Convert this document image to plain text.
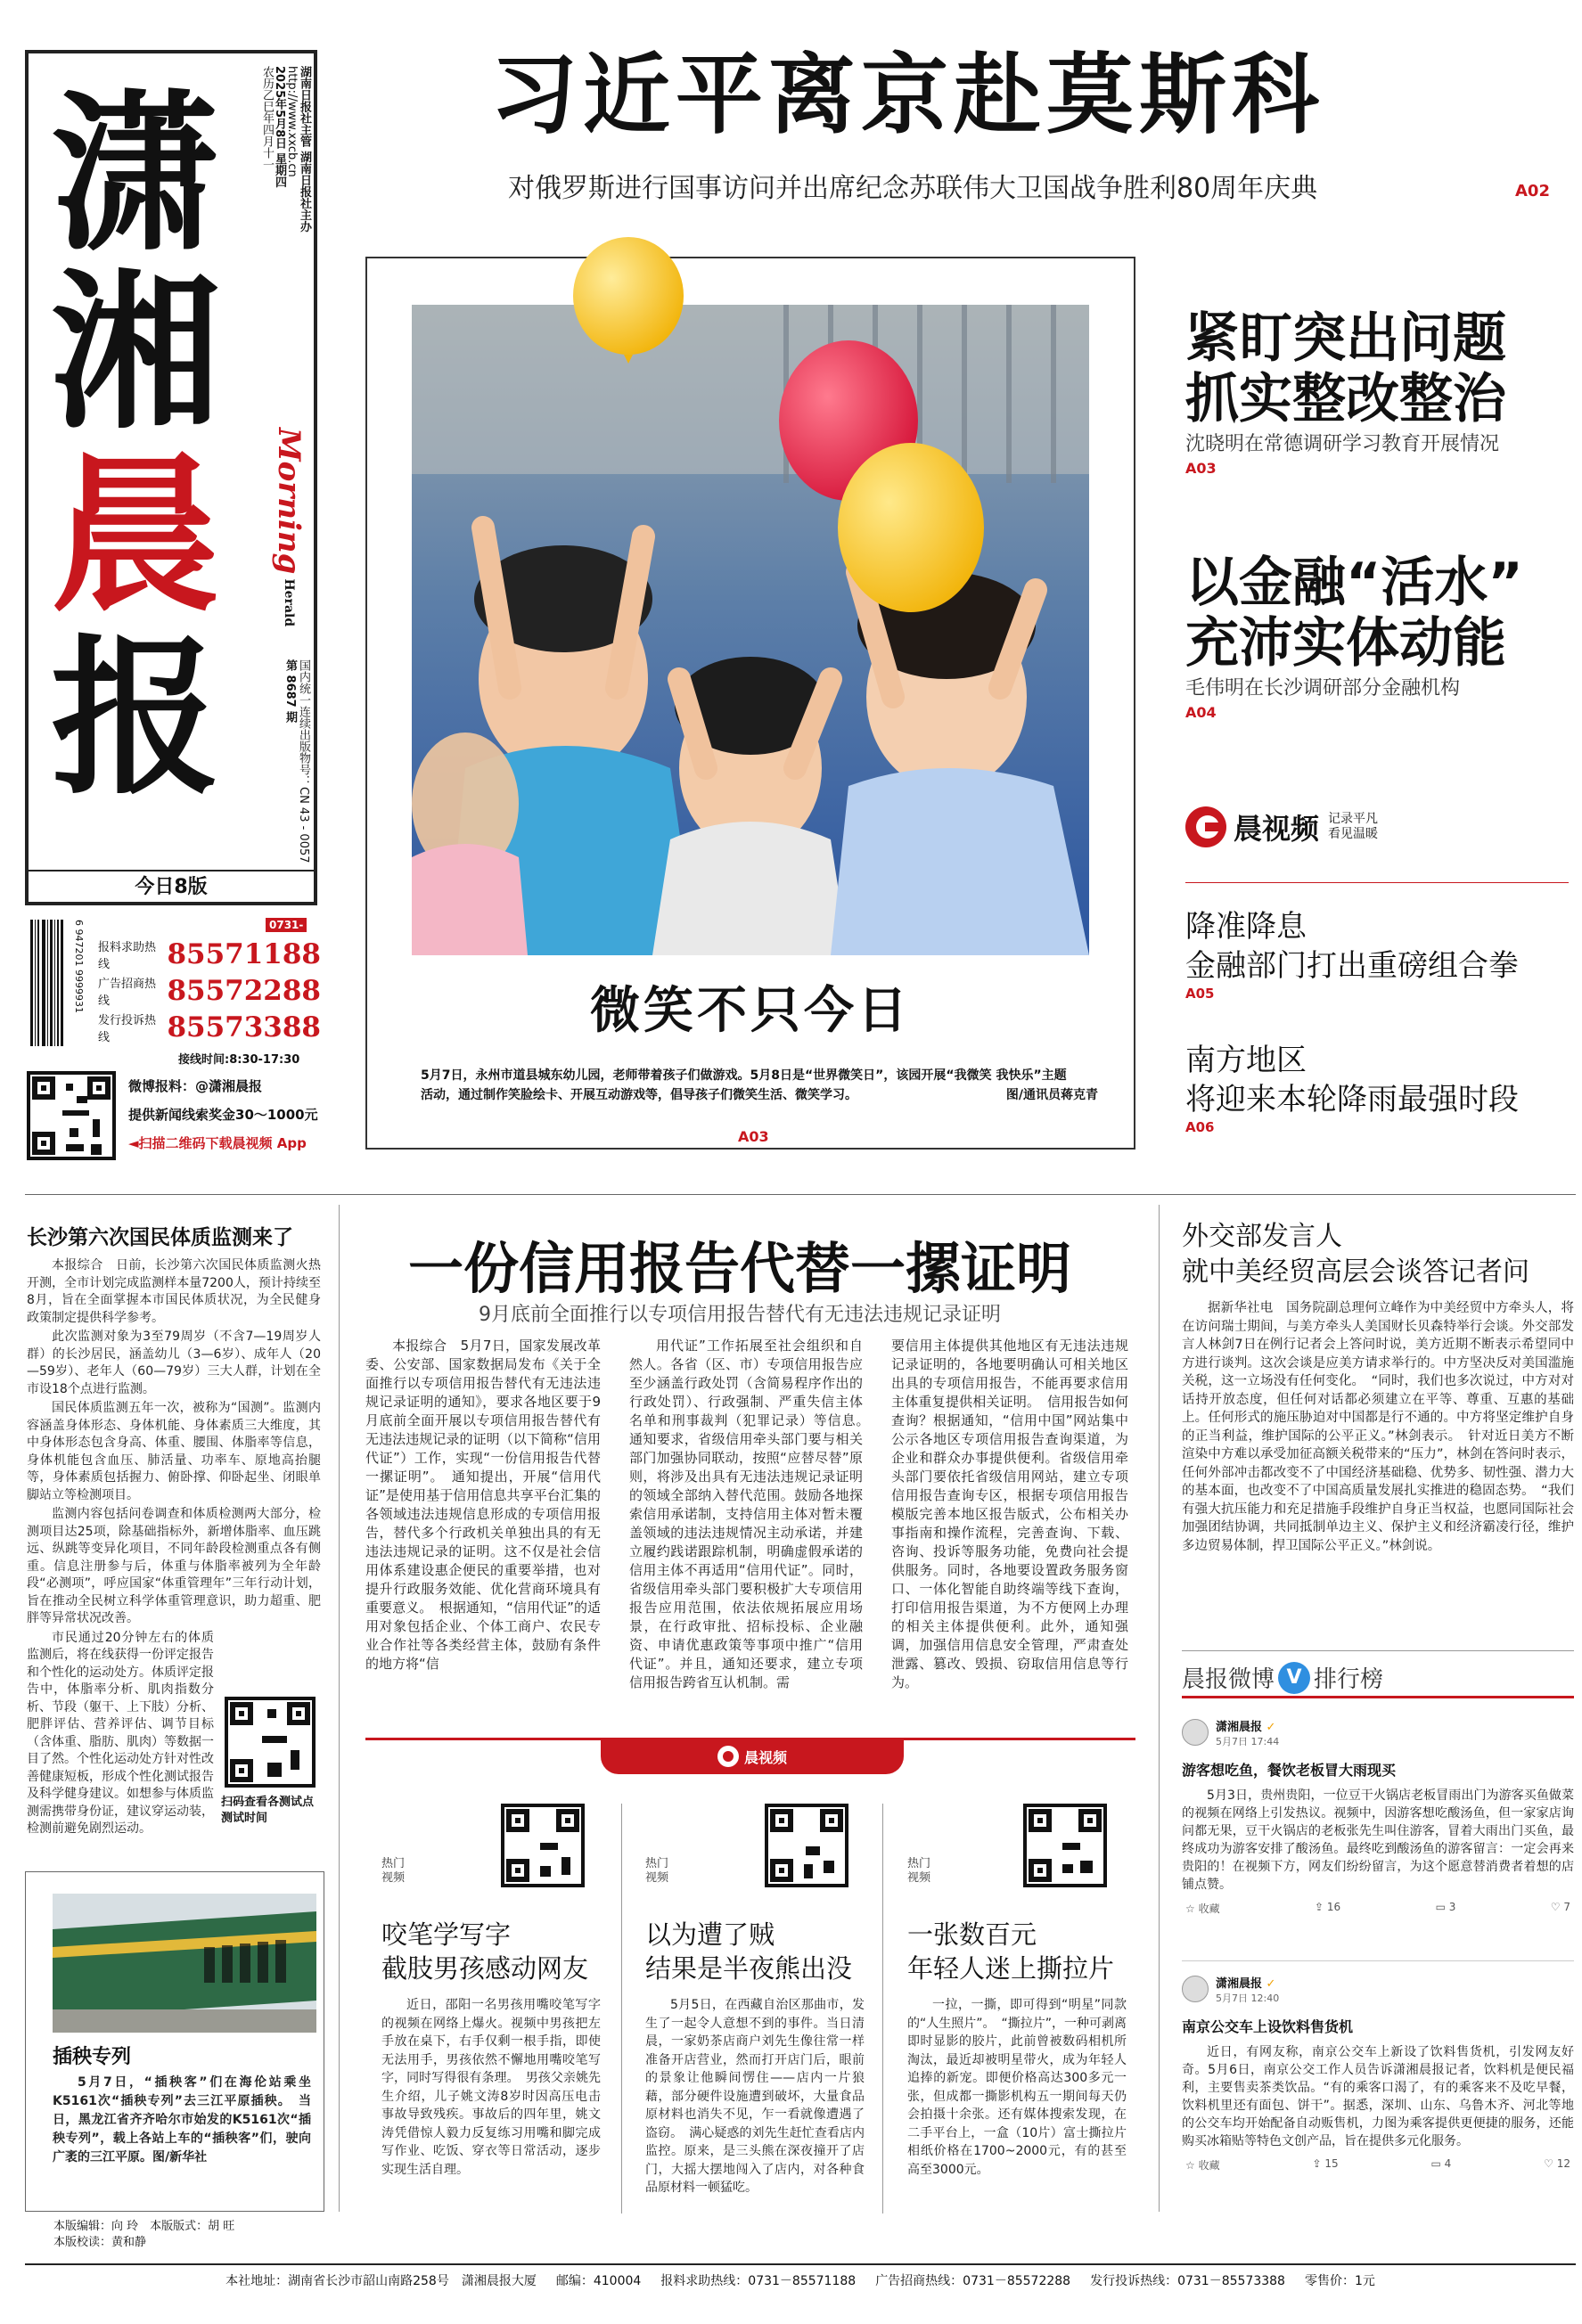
潇
湘
晨
报
湖南日报社主管 湖南日报社主办
http://www.xxcb.cn
2025年5月8日 星期四
农历乙巳年四月十一
Morning Herald
国内统一连续出版物号：CN 43 - 0057
第 8687 期
今日8版
6 947201 9999931	0731-
报料求助热线	85571188
广告招商热线	85572288
发行投诉热线	85573388
接线时间:8:30-17:30
微博报料：@潇湘晨报
提供新闻线索奖金30～1000元
◄扫描二维码下载晨视频 App
习近平离京赴莫斯科
对俄罗斯进行国事访问并出席纪念苏联伟大卫国战争胜利80周年庆典	A02
微笑不只今日
5月7日，永州市道县城东幼儿园，老师带着孩子们做游戏。5月8日是“世界微笑日”，该园开展“我微笑 我快乐”主题
活动，通过制作笑脸绘卡、开展互动游戏等，倡导孩子们微笑生活、微笑学习。	图/通讯员蒋克青
A03
紧盯突出问题
抓实整改整治
沈晓明在常德调研学习教育开展情况
A03
以金融“活水”
充沛实体动能
毛伟明在长沙调研部分金融机构
A04
晨视频 记录平凡
看见温暖
降准降息
金融部门打出重磅组合拳
A05
南方地区
将迎来本轮降雨最强时段
A06
长沙第六次国民体质监测来了

本报综合　日前，长沙第六次国民体质监测火热开测，全市计划完成监测样本量7200人，预计持续至8月，旨在全面掌握本市国民体质状况，为全民健身政策制定提供科学参考。

此次监测对象为3至79周岁（不含7—19周岁人群）的长沙居民，涵盖幼儿（3—6岁）、成年人（20—59岁）、老年人（60—79岁）三大人群，计划在全市设18个点进行监测。

国民体质监测五年一次，被称为“国测”。监测内容涵盖身体形态、身体机能、身体素质三大维度，其中身体形态包含身高、体重、腰围、体脂率等信息，身体机能包含血压、肺活量、功率车、原地高抬腿等，身体素质包括握力、俯卧撑、仰卧起坐、闭眼单脚站立等检测项目。

监测内容包括问卷调查和体质检测两大部分，检测项目达25项，除基础指标外，新增体脂率、血压跳远、纵跳等变异化项目，不同年龄段检测重点各有侧重。信息注册参与后，体重与体脂率被列为全年龄段“必测项”，呼应国家“体重管理年”三年行动计划，旨在推动全民树立科学体重管理意识，助力超重、肥胖等异常状况改善。

市民通过20分钟左右的体质监测后，将在线获得一份评定报告和个性化的运动处方。体质评定报告中，体脂率分析、肌肉指数分析、节段（躯干、上下肢）分析、肥胖评估、营养评估、调节目标（含体重、脂肪、肌肉）等数据一目了然。个性化运动处方针对性改善健康短板，形成个性化测试报告及科学健身建议。如想参与体质监测需携带身份证，建议穿运动装，检测前避免剧烈运动。

扫码查看各测试点测试时间
插秧专列
5月7日，“插秧客”们在海伦站乘坐K5161次“插秧专列”去三江平原插秧。　当日，黑龙江省齐齐哈尔市始发的K5161次“插秧专列”，载上各站上车的“插秧客”们，驶向广袤的三江平原。图/新华社
本版编辑：向 玲　本版版式：胡 旺
本版校读：黄和静
一份信用报告代替一摞证明
9月底前全面推行以专项信用报告替代有无违法违规记录证明
本报综合　5月7日，国家发展改革委、公安部、国家数据局发布《关于全面推行以专项信用报告替代有无违法违规记录证明的通知》，要求各地区要于9月底前全面开展以专项信用报告替代有无违法违规记录的证明（以下简称“信用代证”）工作，实现“一份信用报告代替一摞证明”。　通知提出，开展“信用代证”是使用基于信用信息共享平台汇集的各领域违法违规信息形成的专项信用报告，替代多个行政机关单独出具的有无违法违规记录的证明。这不仅是社会信用体系建设惠企便民的重要举措，也对提升行政服务效能、优化营商环境具有重要意义。　根据通知，“信用代证”的适用对象包括企业、个体工商户、农民专业合作社等各类经营主体，鼓励有条件的地方将“信
用代证”工作拓展至社会组织和自然人。各省（区、市）专项信用报告应至少涵盖行政处罚（含简易程序作出的行政处罚）、行政强制、严重失信主体名单和刑事裁判（犯罪记录）等信息。　通知要求，省级信用牵头部门要与相关部门加强协同联动，按照“应替尽替”原则，将涉及出具有无违法违规记录证明的领域全部纳入替代范围。鼓励各地探索信用承诺制，支持信用主体对暂未覆盖领域的违法违规情况主动承诺，并建立履约践诺跟踪机制，明确虚假承诺的信用主体不再适用“信用代证”。同时，省级信用牵头部门要积极扩大专项信用报告应用范围，依法依规拓展应用场景，在行政审批、招标投标、企业融资、申请优惠政策等事项中推广“信用代证”。并且，通知还要求，建立专项信用报告跨省互认机制。需
要信用主体提供其他地区有无违法违规记录证明的，各地要明确认可相关地区出具的专项信用报告，不能再要求信用主体重复提供相关证明。　信用报告如何查询？根据通知，“信用中国”网站集中公示各地区专项信用报告查询渠道，为企业和群众办事提供便利。省级信用牵头部门要依托省级信用网站，建立专项信用报告查询专区，根据专项信用报告模版完善本地区报告版式，公布相关办事指南和操作流程，完善查询、下载、咨询、投诉等服务功能，免费向社会提供服务。同时，各地要设置政务服务窗口、一体化智能自助终端等线下查询，打印信用报告渠道，为不方便网上办理的相关主体提供便利。此外，通知强调，加强信用信息安全管理，严肃查处泄露、篡改、毁损、窃取信用信息等行为。
晨视频
热门
视频
咬笔学写字
截肢男孩感动网友
近日，邵阳一名男孩用嘴咬笔写字的视频在网络上爆火。视频中男孩把左手放在桌下，右手仅剩一根手指，即使无法用手，男孩依然不懈地用嘴咬笔写字，同时写得很有条理。　男孩父亲姚先生介绍，儿子姚文涛8岁时因高压电击事故导致残疾。事故后的四年里，姚文涛凭借惊人毅力反复练习用嘴和脚完成写作业、吃饭、穿衣等日常活动，逐步实现生活自理。
热门
视频
以为遭了贼
结果是半夜熊出没
5月5日，在西藏自治区那曲市，发生了一起令人意想不到的事件。当日清晨，一家奶茶店商户刘先生像往常一样准备开店营业，然而打开店门后，眼前的景象让他瞬间愣住——店内一片狼藉，部分硬件设施遭到破坏，大量食品原材料也消失不见，乍一看就像遭遇了盗窃。　满心疑惑的刘先生赶忙查看店内监控。原来，是三头熊在深夜撞开了店门，大摇大摆地闯入了店内，对各种食品原材料一顿猛吃。
热门
视频
一张数百元
年轻人迷上撕拉片
一拉，一撕，即可得到“明星”同款的“人生照片”。　“撕拉片”，一种可剥离即时显影的胶片，此前曾被数码相机所淘汰，最近却被明星带火，成为年轻人追捧的新宠。即便价格高达300多元一张，但成都一撕影机构五一期间每天仍会拍摄十余张。还有媒体搜索发现，在二手平台上，一盒（10片）富士撕拉片相纸价格在1700~2000元，有的甚至高至3000元。
外交部发言人
就中美经贸高层会谈答记者问
据新华社电　国务院副总理何立峰作为中美经贸中方牵头人，将在访问瑞士期间，与美方牵头人美国财长贝森特举行会谈。外交部发言人林剑7日在例行记者会上答问时说，美方近期不断表示希望同中方进行谈判。这次会谈是应美方请求举行的。中方坚决反对美国滥施关税，这一立场没有任何变化。　“同时，我们也多次说过，中方对对话持开放态度，但任何对话都必须建立在平等、尊重、互惠的基础上。任何形式的施压胁迫对中国都是行不通的。中方将坚定维护自身的正当利益，维护国际的公平正义。”林剑表示。　针对近日美方不断渲染中方难以承受加征高额关税带来的“压力”，林剑在答问时表示，任何外部冲击都改变不了中国经济基础稳、优势多、韧性强、潜力大的基本面，也改变不了中国高质量发展扎实推进的稳固态势。　“我们有强大抗压能力和充足措施手段维护自身正当权益，也愿同国际社会加强团结协调，共同抵制单边主义、保护主义和经济霸凌行径，维护多边贸易体制，捍卫国际公平正义。”林剑说。
晨报微博 V 排行榜
潇湘晨报 ✓
5月7日 17:44
游客想吃鱼，餐饮老板冒大雨现买
5月3日，贵州贵阳，一位豆干火锅店老板冒雨出门为游客买鱼做菜的视频在网络上引发热议。视频中，因游客想吃酸汤鱼，但一家家店询问都无果，豆干火锅店的老板张先生叫住游客，冒着大雨出门买鱼，最终成功为游客安排了酸汤鱼。最终吃到酸汤鱼的游客留言：一定会再来贵阳的！在视频下方，网友们纷纷留言，为这个愿意替消费者着想的店铺点赞。
☆ 收藏	⇪ 16	▭ 3	♡ 7
潇湘晨报 ✓
5月7日 12:40
南京公交车上设饮料售货机
近日，有网友称，南京公交车上新设了饮料售货机，引发网友好奇。5月6日，南京公交工作人员告诉潇湘晨报记者，饮料机是便民福利，主要售卖茶类饮品。“有的乘客口渴了，有的乘客来不及吃早餐，饮料机里还有面包、饼干”。据悉，深圳、山东、乌鲁木齐、河北等地的公交车均开始配备自动贩售机，力图为乘客提供更便捷的服务，还能购买冰箱贴等特色文创产品，旨在提供多元化服务。
☆ 收藏	⇪ 15	▭ 4	♡ 12
本社地址：湖南省长沙市韶山南路258号　潇湘晨报大厦 邮编：410004 报料求助热线：0731－85571188 广告招商热线：0731－85572288 发行投诉热线：0731－85573388 零售价：1元
